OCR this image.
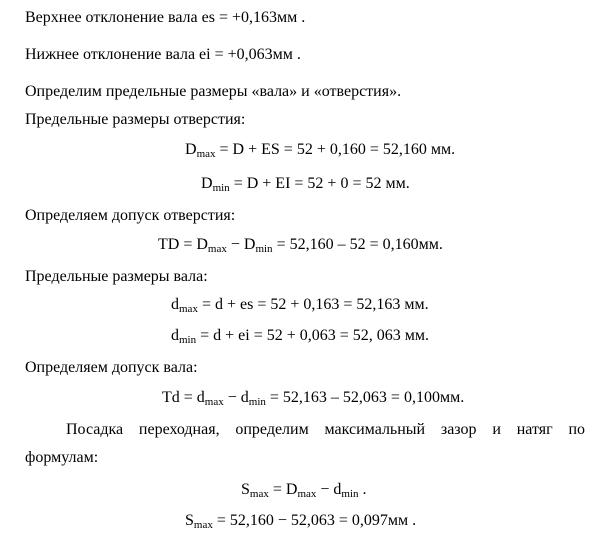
Верхнее отклонение вала es = +0,163мм .
Нижнее отклонение вала ei = +0,063мм .
Определим предельные размеры «вала» и «отверстия».
Предельные размеры отверстия:
$D_{max} = D$ + ES = 52 + 0,160 = 52,160 мм.
$D_{min} = D$ + EI = 52 + 0 = 52 мм.
Определяем допуск отверстия:
TD = $D_{max} - D_{min} = 52,160 - 52 = 0,160мм$.
Предельные размеры вала:
$d_{max} = d$ + es = 52 + 0,163 = 52,163 мм.
$d_{min} = d$ + ei = 52 + 0,063 = 52, 063 мм.
Определяем допуск вала:
$Td = d_{max} - d_{min} = 52,163 - 52,063 = 0,100мм$.
Посадка переходная, определим максимальный зазор и натяг по
формулам:
$S_{max} = D_{max} - d_{min}$ .
$S_{max} = 52,160 - 52,063 = 0,097мм$ .
